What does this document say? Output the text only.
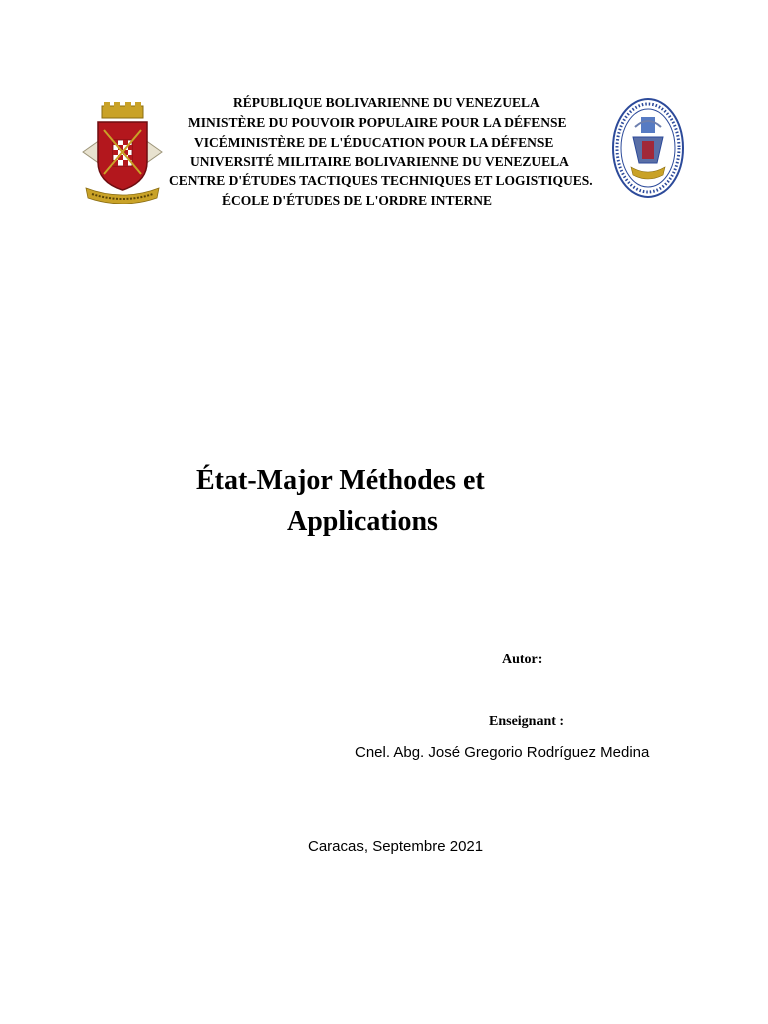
RÉPUBLIQUE BOLIVARIENNE DU VENEZUELA
MINISTÈRE DU POUVOIR POPULAIRE POUR LA DÉFENSE
VICÉMINISTÈRE DE L'ÉDUCATION POUR LA DÉFENSE
UNIVERSITÉ MILITAIRE BOLIVARIENNE DU VENEZUELA
CENTRE D'ÉTUDES TACTIQUES TECHNIQUES ET LOGISTIQUES.
ÉCOLE D'ÉTUDES DE L'ORDRE INTERNE
État-Major Méthodes et
Applications
Autor:
Enseignant :
Cnel. Abg. José Gregorio Rodríguez Medina
Caracas, Septembre 2021
